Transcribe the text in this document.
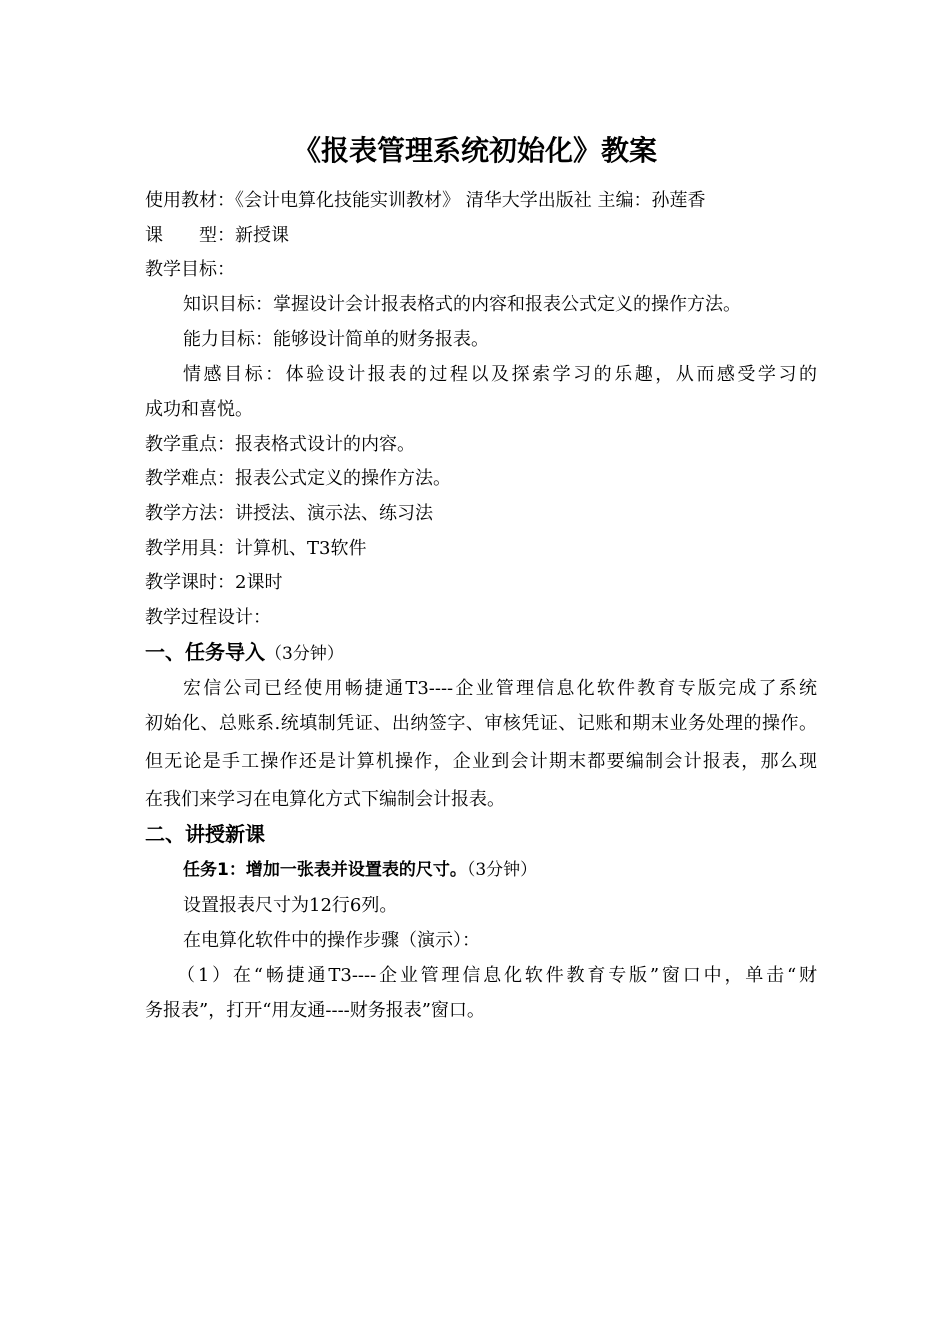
《报表管理系统初始化》教案

使用教材：《会计电算化技能实训教材》 清华大学出版社 主编：孙莲香

课　　型：新授课

教学目标：

知识目标：掌握设计会计报表格式的内容和报表公式定义的操作方法。

能力目标：能够设计简单的财务报表。

情感目标：体验设计报表的过程以及探索学习的乐趣，从而感受学习的

成功和喜悦。

教学重点：报表格式设计的内容。

教学难点：报表公式定义的操作方法。

教学方法：讲授法、演示法、练习法

教学用具：计算机、T3软件

教学课时：2课时

教学过程设计：

一、任务导入（3分钟）

宏信公司已经使用畅捷通T3----企业管理信息化软件教育专版完成了系统

初始化、总账系.统填制凭证、出纳签字、审核凭证、记账和期末业务处理的操作。

但无论是手工操作还是计算机操作，企业到会计期末都要编制会计报表，那么现

在我们来学习在电算化方式下编制会计报表。

二、讲授新课

任务1：增加一张表并设置表的尺寸。（3分钟）

设置报表尺寸为12行6列。

在电算化软件中的操作步骤（演示）：

（1）在“畅捷通T3----企业管理信息化软件教育专版”窗口中，单击“财

务报表”，打开“用友通----财务报表”窗口。
